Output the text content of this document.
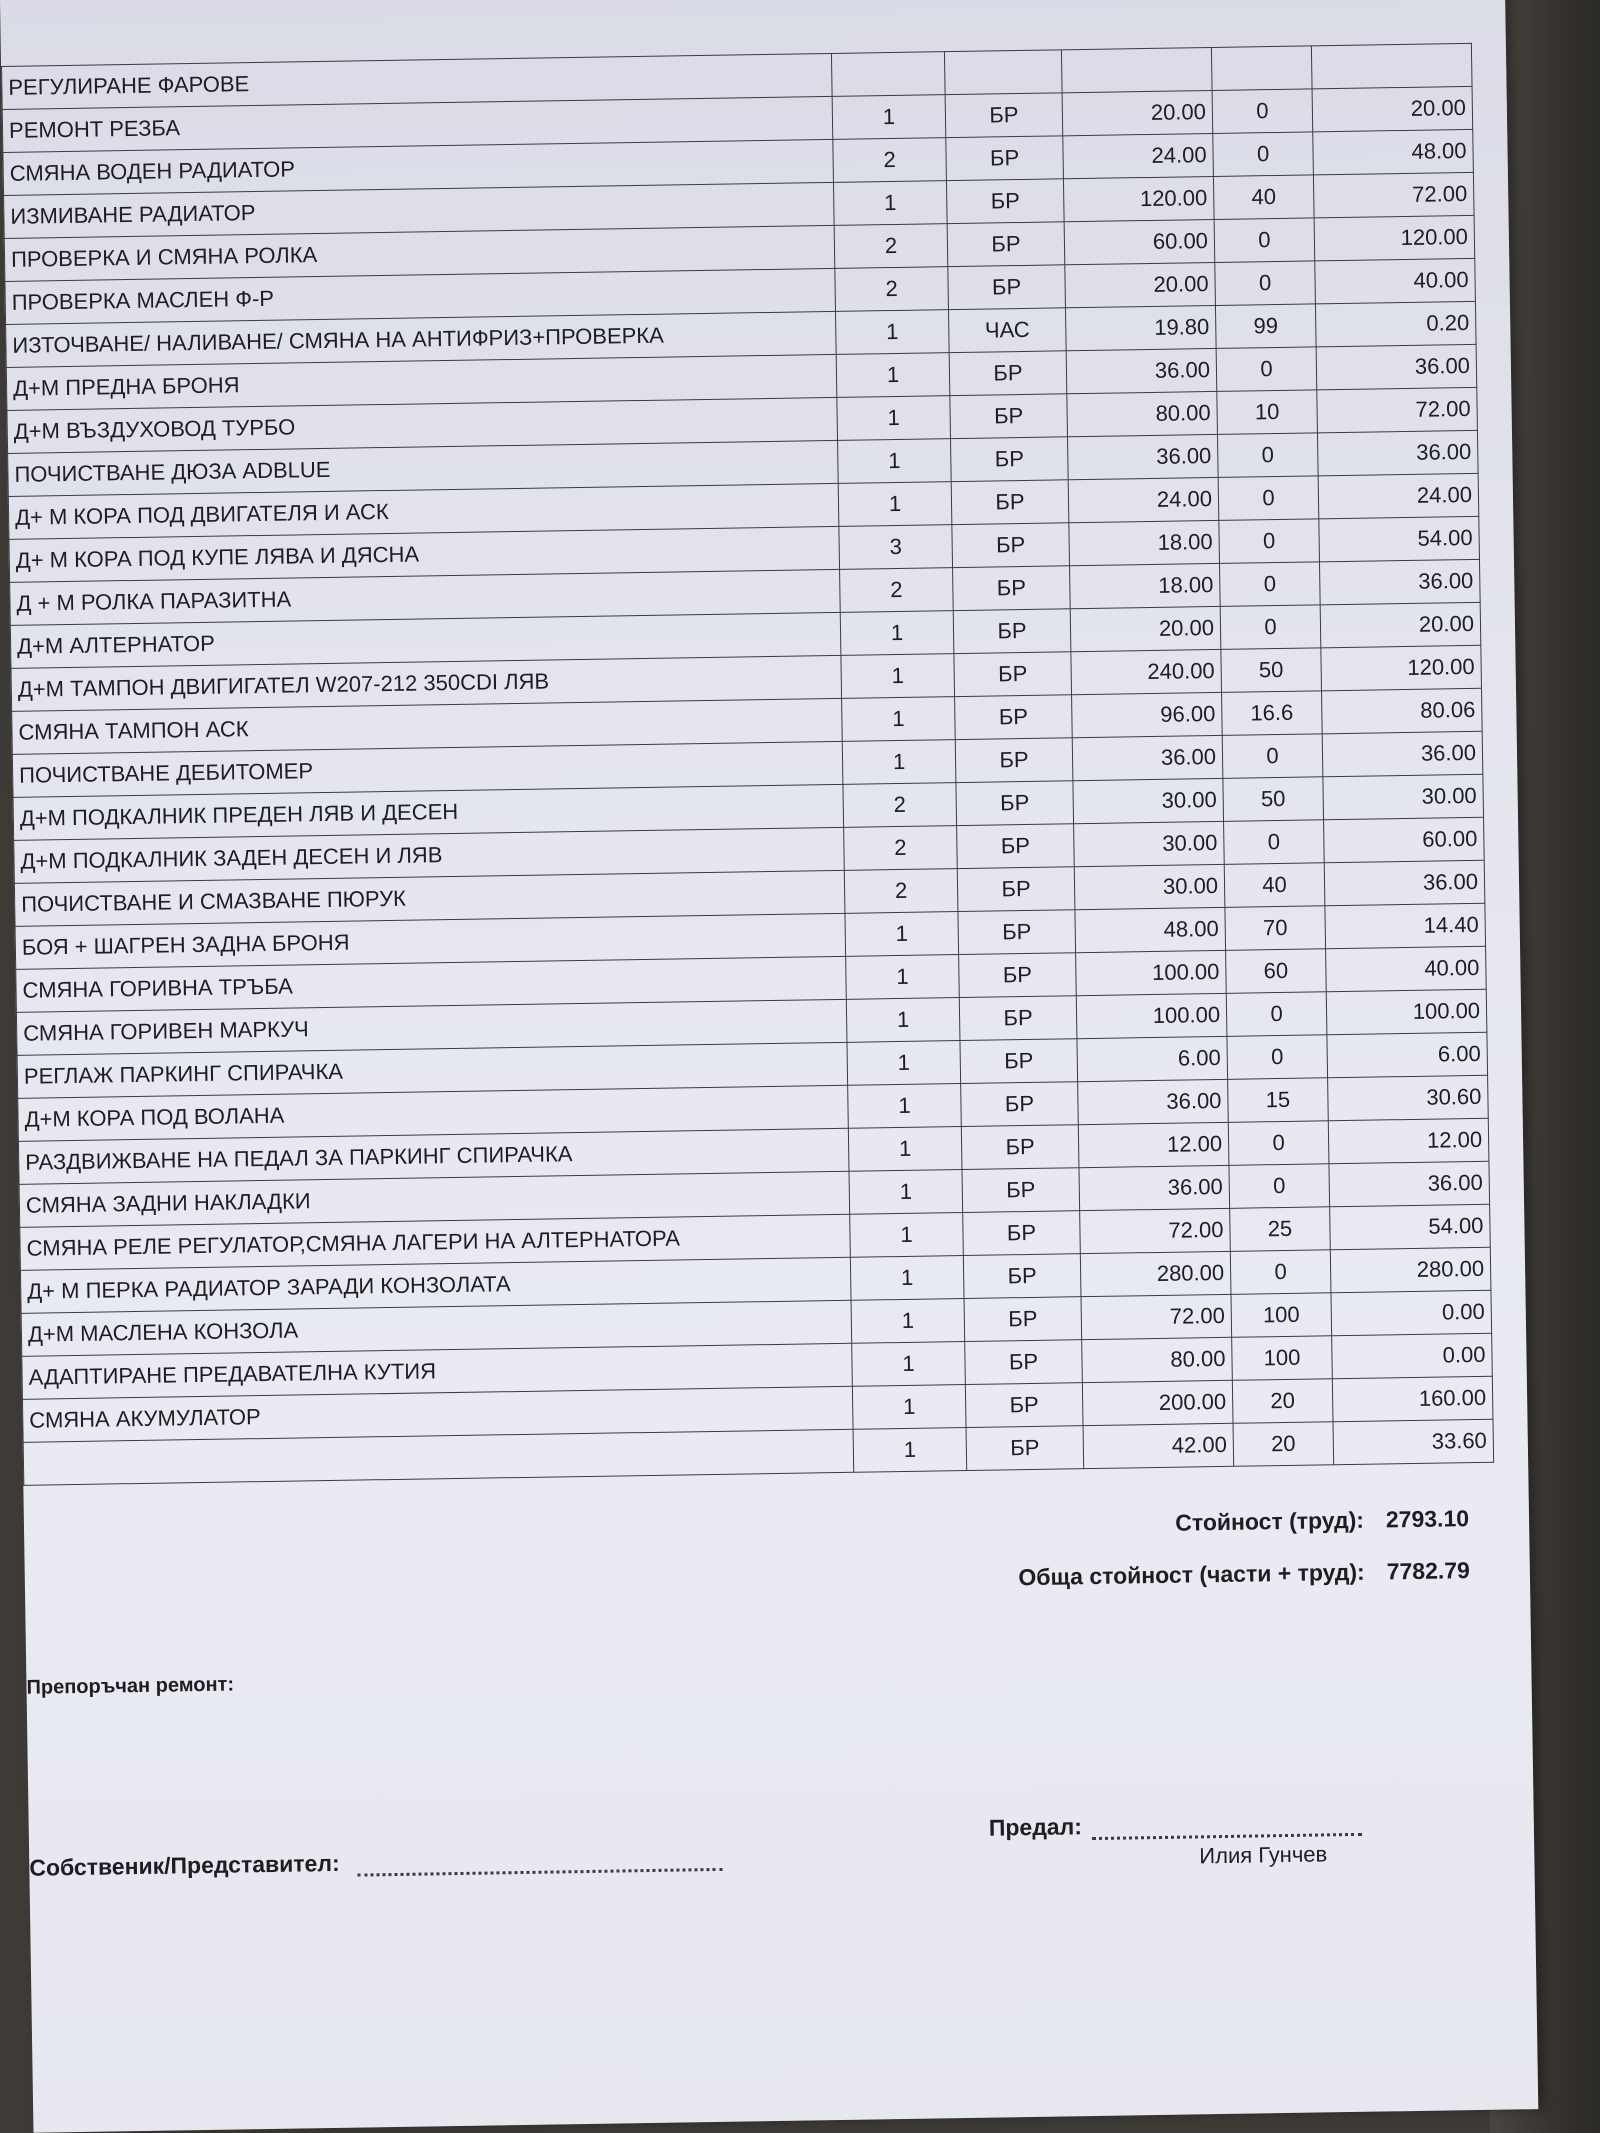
РЕГУЛИРАНЕ ФАРОВЕ					
РЕМОНТ РЕЗБА	1	БР	20.00	0	20.00
СМЯНА ВОДЕН РАДИАТОР	2	БР	24.00	0	48.00
ИЗМИВАНЕ РАДИАТОР	1	БР	120.00	40	72.00
ПРОВЕРКА И СМЯНА РОЛКА	2	БР	60.00	0	120.00
ПРОВЕРКА МАСЛЕН Ф-Р	2	БР	20.00	0	40.00
ИЗТОЧВАНЕ/ НАЛИВАНЕ/ СМЯНА НА АНТИФРИЗ+ПРОВЕРКА	1	ЧАС	19.80	99	0.20
Д+М ПРЕДНА БРОНЯ	1	БР	36.00	0	36.00
Д+М ВЪЗДУХОВОД ТУРБО	1	БР	80.00	10	72.00
ПОЧИСТВАНЕ ДЮЗА ADBLUE	1	БР	36.00	0	36.00
Д+ М КОРА ПОД ДВИГАТЕЛЯ И АСК	1	БР	24.00	0	24.00
Д+ М КОРА ПОД КУПЕ ЛЯВА И ДЯСНА	3	БР	18.00	0	54.00
Д + М РОЛКА ПАРАЗИТНА	2	БР	18.00	0	36.00
Д+М АЛТЕРНАТОР	1	БР	20.00	0	20.00
Д+М ТАМПОН ДВИГИГАТЕЛ W207-212 350CDI ЛЯВ	1	БР	240.00	50	120.00
СМЯНА ТАМПОН АСК	1	БР	96.00	16.6	80.06
ПОЧИСТВАНЕ ДЕБИТОМЕР	1	БР	36.00	0	36.00
Д+М ПОДКАЛНИК ПРЕДЕН ЛЯВ И ДЕСЕН	2	БР	30.00	50	30.00
Д+М ПОДКАЛНИК ЗАДЕН ДЕСЕН И ЛЯВ	2	БР	30.00	0	60.00
ПОЧИСТВАНЕ И СМАЗВАНЕ ПЮРУК	2	БР	30.00	40	36.00
БОЯ + ШАГРЕН ЗАДНА БРОНЯ	1	БР	48.00	70	14.40
СМЯНА ГОРИВНА ТРЪБА	1	БР	100.00	60	40.00
СМЯНА ГОРИВЕН МАРКУЧ	1	БР	100.00	0	100.00
РЕГЛАЖ ПАРКИНГ СПИРАЧКА	1	БР	6.00	0	6.00
Д+М КОРА ПОД ВОЛАНА	1	БР	36.00	15	30.60
РАЗДВИЖВАНЕ НА ПЕДАЛ ЗА ПАРКИНГ СПИРАЧКА	1	БР	12.00	0	12.00
СМЯНА ЗАДНИ НАКЛАДКИ	1	БР	36.00	0	36.00
СМЯНА РЕЛЕ РЕГУЛАТОР,СМЯНА ЛАГЕРИ НА АЛТЕРНАТОРА	1	БР	72.00	25	54.00
Д+ М ПЕРКА РАДИАТОР ЗАРАДИ КОНЗОЛАТА	1	БР	280.00	0	280.00
Д+М МАСЛЕНА КОНЗОЛА	1	БР	72.00	100	0.00
АДАПТИРАНЕ ПРЕДАВАТЕЛНА КУТИЯ	1	БР	80.00	100	0.00
СМЯНА АКУМУЛАТОР	1	БР	200.00	20	160.00
	1	БР	42.00	20	33.60
Стойност (труд): 2793.10
Обща стойност (части + труд): 7782.79
Препоръчан ремонт:
Собственик/Представител:
Предал:
Илия Гунчев
